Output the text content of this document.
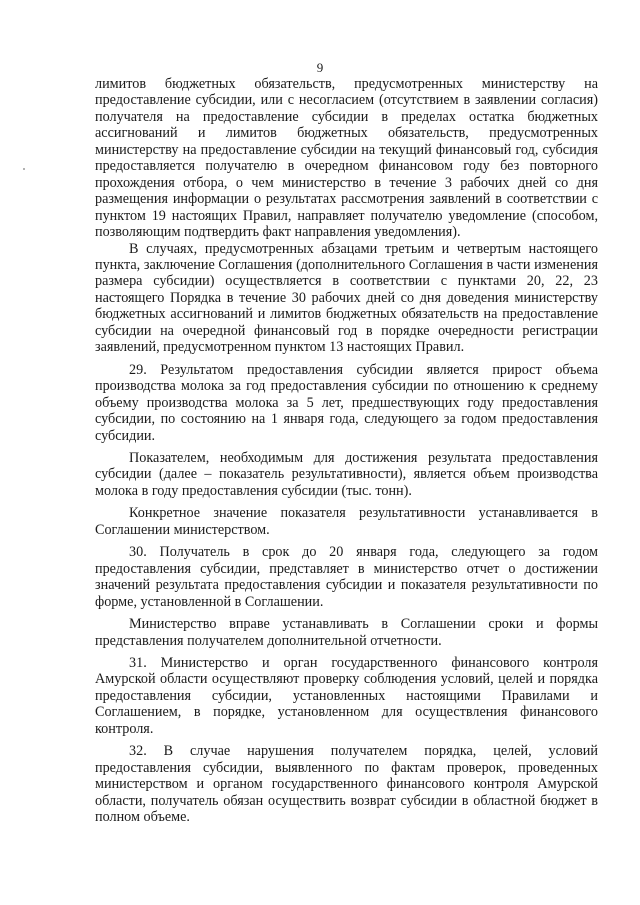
9

лимитов бюджетных обязательств, предусмотренных министерству на предоставление субсидии, или с несогласием (отсутствием в заявлении согласия) получателя на предоставление субсидии в пределах остатка бюджетных ассигнований и лимитов бюджетных обязательств, предусмотренных министерству на предоставление субсидии на текущий финансовый год, субсидия предоставляется получателю в очередном финансовом году без повторного прохождения отбора, о чем министерство в течение 3 рабочих дней со дня размещения информации о результатах рассмотрения заявлений в соответствии с пунктом 19 настоящих Правил, направляет получателю уведомление (способом, позволяющим подтвердить факт направления уведомления).

В случаях, предусмотренных абзацами третьим и четвертым настоящего пункта, заключение Соглашения (дополнительного Соглашения в части изменения размера субсидии) осуществляется в соответствии с пунктами 20, 22, 23 настоящего Порядка в течение 30 рабочих дней со дня доведения министерству бюджетных ассигнований и лимитов бюджетных обязательств на предоставление субсидии на очередной финансовый год в порядке очередности регистрации заявлений, предусмотренном пунктом 13 настоящих Правил.

29. Результатом предоставления субсидии является прирост объема производства молока за год предоставления субсидии по отношению к среднему объему производства молока за 5 лет, предшествующих году предоставления субсидии, по состоянию на 1 января года, следующего за годом предоставления субсидии.

Показателем, необходимым для достижения результата предоставления субсидии (далее – показатель результативности), является объем производства молока в году предоставления субсидии (тыс. тонн).

Конкретное значение показателя результативности устанавливается в Соглашении министерством.

30. Получатель в срок до 20 января года, следующего за годом предоставления субсидии, представляет в министерство отчет о достижении значений результата предоставления субсидии и показателя результативности по форме, установленной в Соглашении.

Министерство вправе устанавливать в Соглашении сроки и формы представления получателем дополнительной отчетности.

31. Министерство и орган государственного финансового контроля Амурской области осуществляют проверку соблюдения условий, целей и порядка предоставления субсидии, установленных настоящими Правилами и Соглашением, в порядке, установленном для осуществления финансового контроля.

32. В случае нарушения получателем порядка, целей, условий предоставления субсидии, выявленного по фактам проверок, проведенных министерством и органом государственного финансового контроля Амурской области, получатель обязан осуществить возврат субсидии в областной бюджет в полном объеме.
